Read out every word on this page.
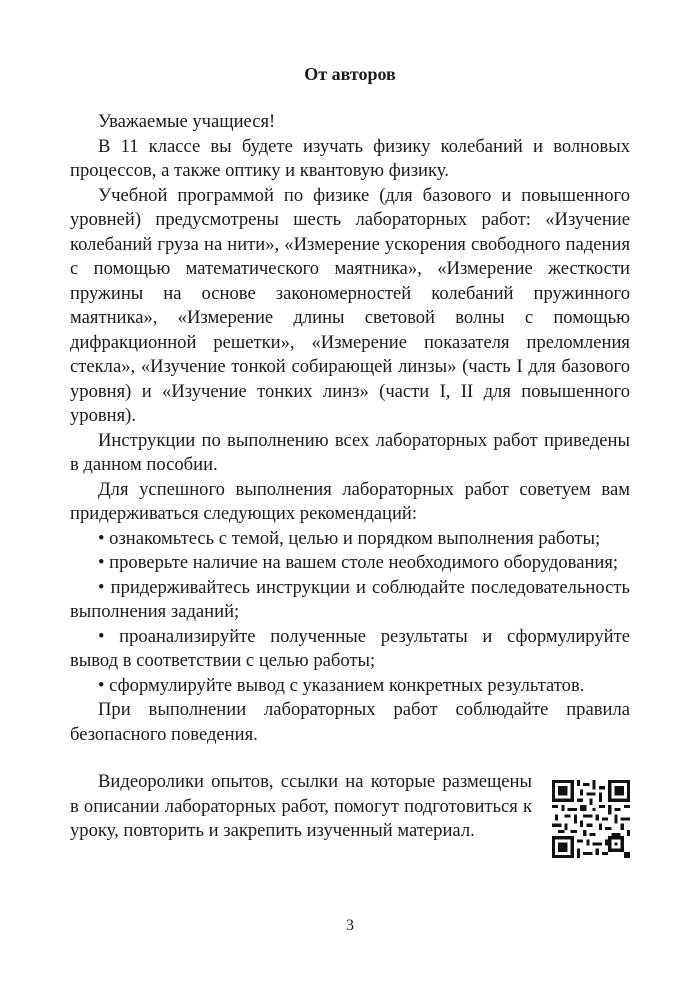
От авторов

Уважаемые учащиеся!

В 11 классе вы будете изучать физику колебаний и волновых процессов, а также оптику и квантовую физику.

Учебной программой по физике (для базового и повышенного уровней) предусмотрены шесть лабораторных работ: «Изучение колебаний груза на нити», «Измерение ускорения свободного падения с помощью математического маятника», «Измерение жесткости пружины на основе закономерностей колебаний пружинного маятника», «Измерение длины световой волны с помощью дифракционной решетки», «Измерение показателя преломления стекла», «Изучение тонкой собирающей линзы» (часть I для базового уровня) и «Изучение тонких линз» (части I, II для повышенного уровня).

Инструкции по выполнению всех лабораторных работ приведены в данном пособии.

Для успешного выполнения лабораторных работ советуем вам придерживаться следующих рекомендаций:

• ознакомьтесь с темой, целью и порядком выполнения работы;

• проверьте наличие на вашем столе необходимого оборудования;

• придерживайтесь инструкции и соблюдайте последовательность выполнения заданий;

• проанализируйте полученные результаты и сформулируйте вывод в соответствии с целью работы;

• сформулируйте вывод с указанием конкретных результатов.

При выполнении лабораторных работ соблюдайте правила безопасного поведения.

Видеоролики опытов, ссылки на которые размещены в описании лабораторных работ, помогут подготовиться к уроку, повторить и закрепить изученный материал.

3
